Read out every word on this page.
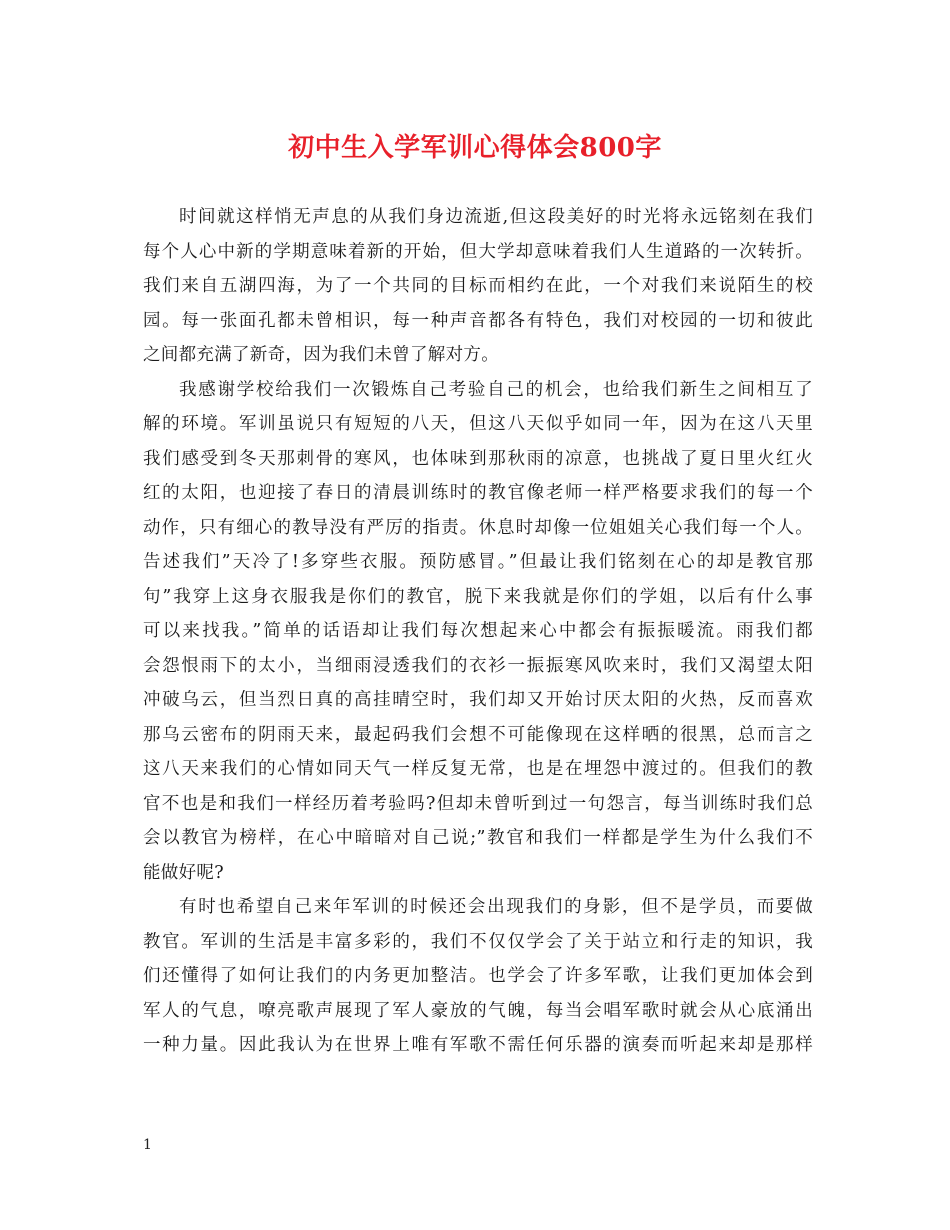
初中生入学军训心得体会800字
时间就这样悄无声息的从我们身边流逝,但这段美好的时光将永远铭刻在我们
每个人心中新的学期意味着新的开始，但大学却意味着我们人生道路的一次转折。
我们来自五湖四海，为了一个共同的目标而相约在此，一个对我们来说陌生的校
园。每一张面孔都未曾相识，每一种声音都各有特色，我们对校园的一切和彼此
之间都充满了新奇，因为我们未曾了解对方。
我感谢学校给我们一次锻炼自己考验自己的机会，也给我们新生之间相互了
解的环境。军训虽说只有短短的八天，但这八天似乎如同一年，因为在这八天里
我们感受到冬天那刺骨的寒风，也体味到那秋雨的凉意，也挑战了夏日里火红火
红的太阳，也迎接了春日的清晨训练时的教官像老师一样严格要求我们的每一个
动作，只有细心的教导没有严厉的指责。休息时却像一位姐姐关心我们每一个人。
告述我们”天冷了!多穿些衣服。预防感冒。”但最让我们铭刻在心的却是教官那
句”我穿上这身衣服我是你们的教官，脱下来我就是你们的学姐，以后有什么事
可以来找我。”简单的话语却让我们每次想起来心中都会有振振暖流。雨我们都
会怨恨雨下的太小，当细雨浸透我们的衣衫一振振寒风吹来时，我们又渴望太阳
冲破乌云，但当烈日真的高挂晴空时，我们却又开始讨厌太阳的火热，反而喜欢
那乌云密布的阴雨天来，最起码我们会想不可能像现在这样晒的很黑，总而言之
这八天来我们的心情如同天气一样反复无常，也是在埋怨中渡过的。但我们的教
官不也是和我们一样经历着考验吗?但却未曾听到过一句怨言，每当训练时我们总
会以教官为榜样，在心中暗暗对自己说;”教官和我们一样都是学生为什么我们不
能做好呢?
有时也希望自己来年军训的时候还会出现我们的身影，但不是学员，而要做
教官。军训的生活是丰富多彩的，我们不仅仅学会了关于站立和行走的知识，我
们还懂得了如何让我们的内务更加整洁。也学会了许多军歌，让我们更加体会到
军人的气息，嘹亮歌声展现了军人豪放的气魄，每当会唱军歌时就会从心底涌出
一种力量。因此我认为在世界上唯有军歌不需任何乐器的演奏而听起来却是那样
1
